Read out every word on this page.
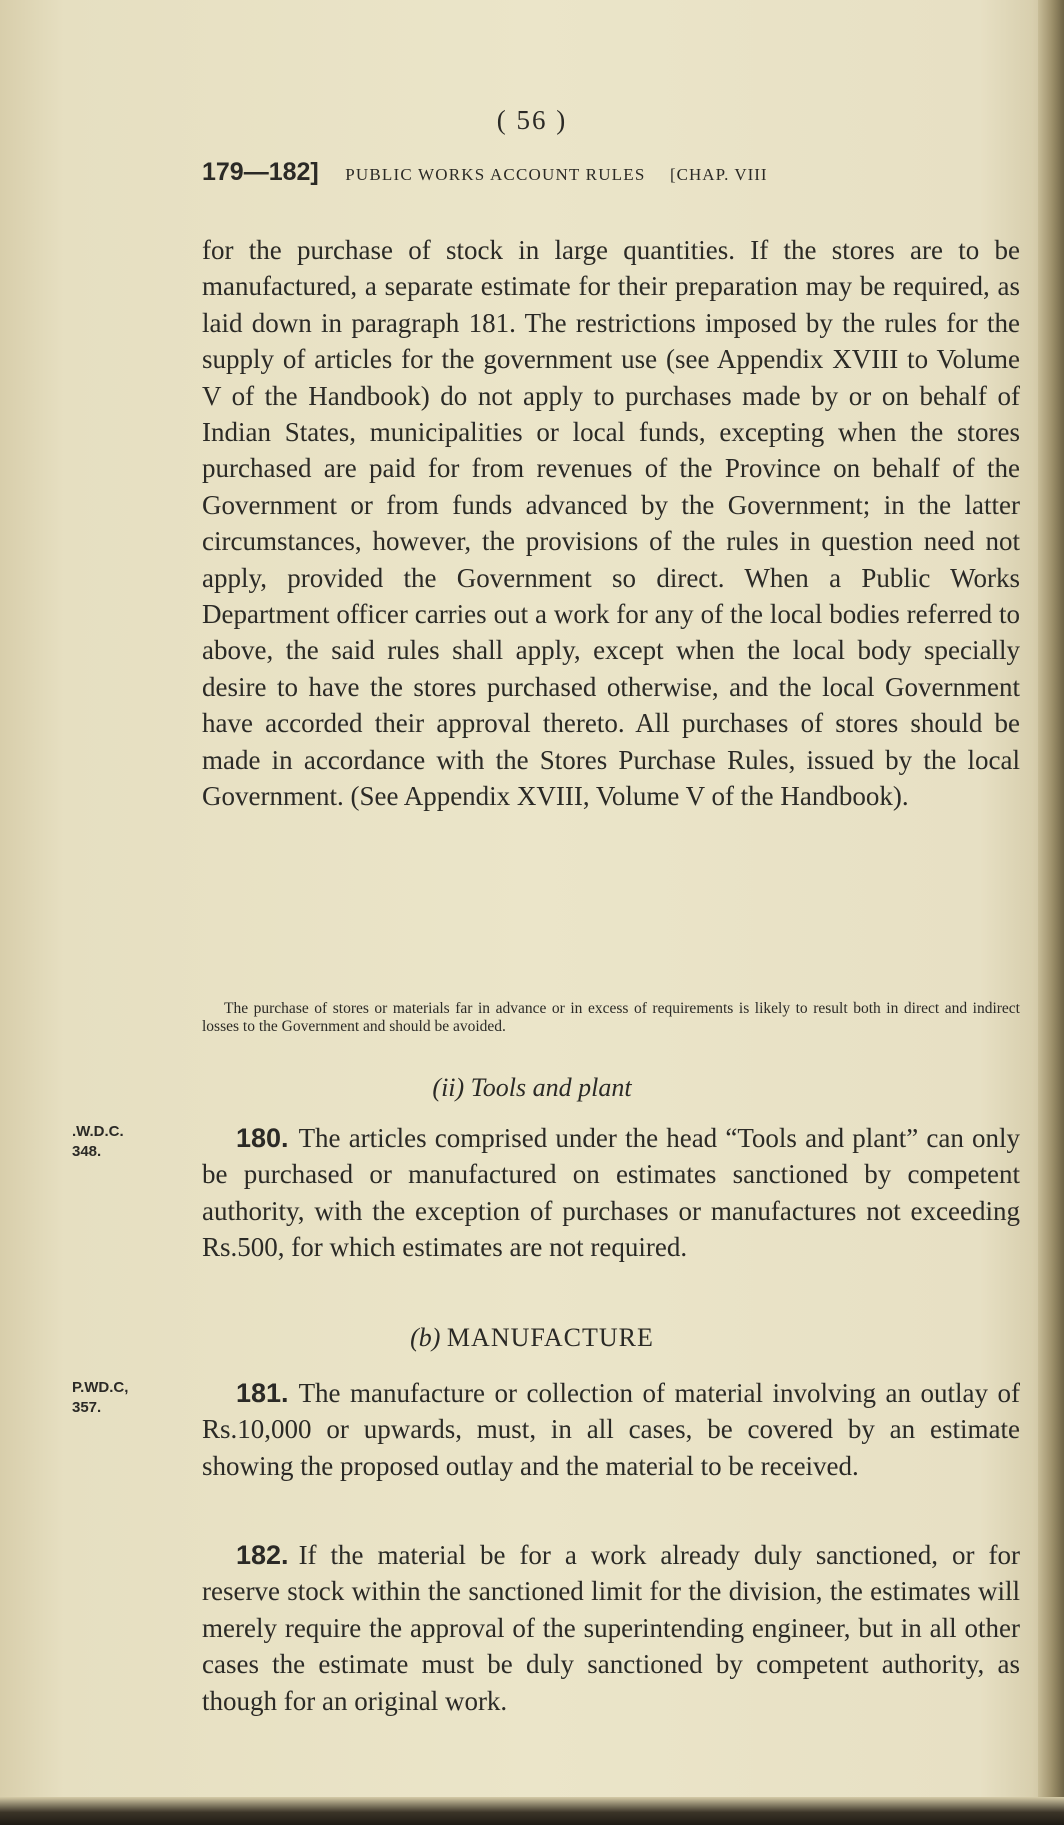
( 56 )
179—182] PUBLIC WORKS ACCOUNT RULES [CHAP. VIII
for the purchase of stock in large quantities. If the stores are to be manufactured, a separate estimate for their preparation may be required, as laid down in paragraph 181. The restrictions imposed by the rules for the supply of articles for the government use (see Appendix XVIII to Volume V of the Handbook) do not apply to purchases made by or on behalf of Indian States, municipalities or local funds, excepting when the stores purchased are paid for from revenues of the Province on behalf of the Government or from funds advanced by the Government; in the latter circumstances, however, the provisions of the rules in question need not apply, provided the Government so direct. When a Public Works Department officer carries out a work for any of the local bodies referred to above, the said rules shall apply, except when the local body specially desire to have the stores purchased otherwise, and the local Government have accorded their approval thereto. All purchases of stores should be made in accordance with the Stores Purchase Rules, issued by the local Government. (See Appendix XVIII, Volume V of the Handbook).
The purchase of stores or materials far in advance or in excess of requirements is likely to result both in direct and indirect losses to the Government and should be avoided.
(ii) Tools and plant
.W.D.C.
348.	180. The articles comprised under the head “Tools and plant” can only be purchased or manufactured on estimates sanctioned by competent authority, with the exception of purchases or manufactures not exceeding Rs.500, for which estimates are not required.
(b) MANUFACTURE
P.WD.C,
357.	181. The manufacture or collection of material involving an outlay of Rs.10,000 or upwards, must, in all cases, be covered by an estimate showing the proposed outlay and the material to be received.
182. If the material be for a work already duly sanctioned, or for reserve stock within the sanctioned limit for the division, the estimates will merely require the approval of the superintending engineer, but in all other cases the estimate must be duly sanctioned by competent authority, as though for an original work.
